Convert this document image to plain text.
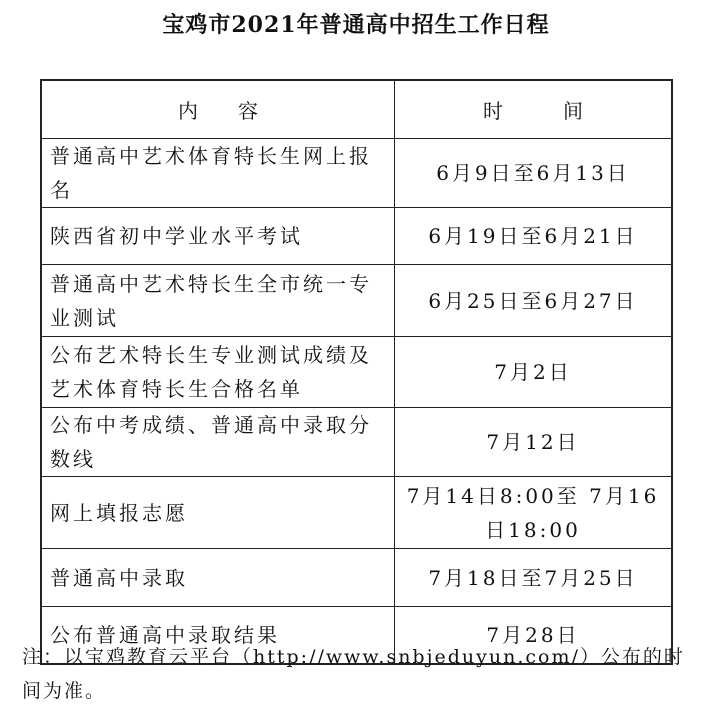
宝鸡市2021年普通高中招生工作日程
内　　容	时　　　间
普通高中艺术体育特长生网上报名	6月9日至6月13日
陕西省初中学业水平考试	6月19日至6月21日
普通高中艺术特长生全市统一专业测试	6月25日至6月27日
公布艺术特长生专业测试成绩及艺术体育特长生合格名单	7月2日
公布中考成绩、普通高中录取分数线	7月12日
网上填报志愿	7月14日8:00至 7月16日18:00
普通高中录取	7月18日至7月25日
公布普通高中录取结果	7月28日
注：以宝鸡教育云平台（http://www.snbjeduyun.com/）公布的时间为准。
